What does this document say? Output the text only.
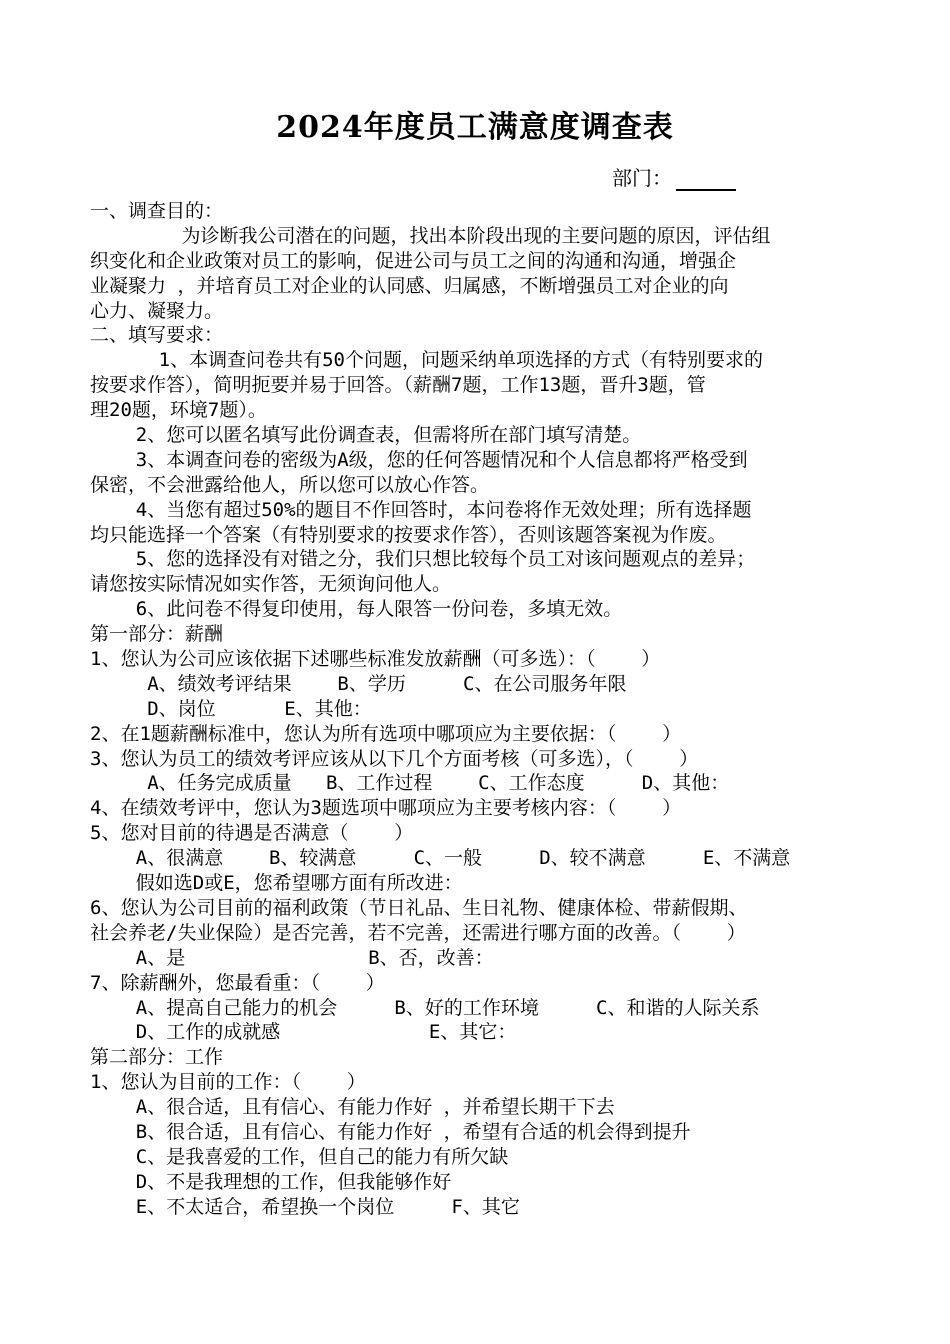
2024年度员工满意度调查表
部门：
一、调查目的：
为诊断我公司潜在的问题，找出本阶段出现的主要问题的原因，评估组
织变化和企业政策对员工的影响，促进公司与员工之间的沟通和沟通，增强企
业凝聚力 ，并培育员工对企业的认同感、归属感，不断增强员工对企业的向
心力、凝聚力。
二、填写要求：
1、本调查问卷共有50个问题，问题采纳单项选择的方式（有特别要求的
按要求作答），简明扼要并易于回答。（薪酬7题，工作13题，晋升3题，管
理20题，环境7题）。
2、您可以匿名填写此份调查表，但需将所在部门填写清楚。
3、本调查问卷的密级为A级，您的任何答题情况和个人信息都将严格受到
保密，不会泄露给他人，所以您可以放心作答。
4、当您有超过50%的题目不作回答时，本问卷将作无效处理；所有选择题
均只能选择一个答案（有特别要求的按要求作答），否则该题答案视为作废。
5、您的选择没有对错之分，我们只想比较每个员工对该问题观点的差异；
请您按实际情况如实作答，无须询问他人。
6、此问卷不得复印使用，每人限答一份问卷，多填无效。
第一部分：薪酬
1、您认为公司应该依据下述哪些标准发放薪酬（可多选）：（    ）
A、绩效考评结果    B、学历     C、在公司服务年限
D、岗位      E、其他：
2、在1题薪酬标准中，您认为所有选项中哪项应为主要依据：（    ）
3、您认为员工的绩效考评应该从以下几个方面考核（可多选），（    ）
A、任务完成质量   B、工作过程    C、工作态度     D、其他：
4、在绩效考评中，您认为3题选项中哪项应为主要考核内容：（    ）
5、您对目前的待遇是否满意（    ）
A、很满意    B、较满意     C、一般     D、较不满意     E、不满意
假如选D或E，您希望哪方面有所改进：
6、您认为公司目前的福利政策（节日礼品、生日礼物、健康体检、带薪假期、
社会养老/失业保险）是否完善，若不完善，还需进行哪方面的改善。（    ）
A、是                B、否，改善：
7、除薪酬外，您最看重：（    ）
A、提高自己能力的机会     B、好的工作环境     C、和谐的人际关系
D、工作的成就感             E、其它：
第二部分：工作
1、您认为目前的工作：（    ）
A、很合适，且有信心、有能力作好 ，并希望长期干下去
B、很合适，且有信心、有能力作好 ，希望有合适的机会得到提升
C、是我喜爱的工作，但自己的能力有所欠缺
D、不是我理想的工作，但我能够作好
E、不太适合，希望换一个岗位     F、其它
